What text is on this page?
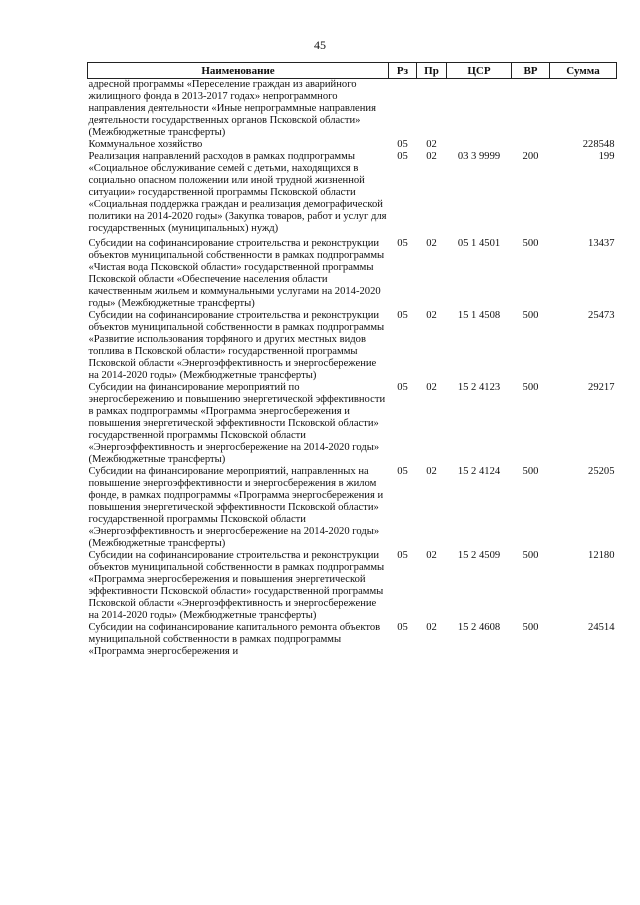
45
Наименование	Рз	Пр	ЦСР	ВР	Сумма
адресной программы «Переселение граждан из аварийного жилищного фонда в 2013-2017 годах» непрограммного направления деятельности «Иные непрограммные направления деятельности государственных органов Псковской области» (Межбюджетные трансферты)					
Коммунальное хозяйство	05	02			228548
Реализация направлений расходов в рамках подпрограммы «Социальное обслуживание семей с детьми, находящихся в социально опасном положении или иной трудной жизненной ситуации» государственной программы Псковской области «Социальная поддержка граждан и реализация демографической политики на 2014-2020 годы» (Закупка товаров, работ и услуг для государственных (муниципальных) нужд)	05	02	03 3 9999	200	199
Субсидии на софинансирование строительства и реконструкции объектов муниципальной собственности в рамках подпрограммы «Чистая вода Псковской области» государственной программы Псковской области «Обеспечение населения области качественным жильем и коммунальными услугами на 2014-2020 годы» (Межбюджетные трансферты)	05	02	05 1 4501	500	13437
Субсидии на софинансирование строительства и реконструкции объектов муниципальной собственности в рамках подпрограммы «Развитие использования торфяного и других местных видов топлива в Псковской области» государственной программы Псковской области «Энергоэффективность и энергосбережение на 2014-2020 годы» (Межбюджетные трансферты)	05	02	15 1 4508	500	25473
Субсидии на финансирование мероприятий по энергосбережению и повышению энергетической эффективности в рамках подпрограммы «Программа энергосбережения и повышения энергетической эффективности Псковской области» государственной программы Псковской области «Энергоэффективность и энергосбережение на 2014-2020 годы» (Межбюджетные трансферты)	05	02	15 2 4123	500	29217
Субсидии на финансирование мероприятий, направленных на повышение энергоэффективности и энергосбережения в жилом фонде, в рамках подпрограммы «Программа энергосбережения и повышения энергетической эффективности Псковской области» государственной программы Псковской области «Энергоэффективность и энергосбережение на 2014-2020 годы» (Межбюджетные трансферты)	05	02	15 2 4124	500	25205
Субсидии на софинансирование строительства и реконструкции объектов муниципальной собственности в рамках подпрограммы «Программа энергосбережения и повышения энергетической эффективности Псковской области» государственной программы Псковской области «Энергоэффективность и энергосбережение на 2014-2020 годы» (Межбюджетные трансферты)	05	02	15 2 4509	500	12180
Субсидии на софинансирование капитального ремонта объектов муниципальной собственности в рамках подпрограммы «Программа энергосбережения и	05	02	15 2 4608	500	24514
